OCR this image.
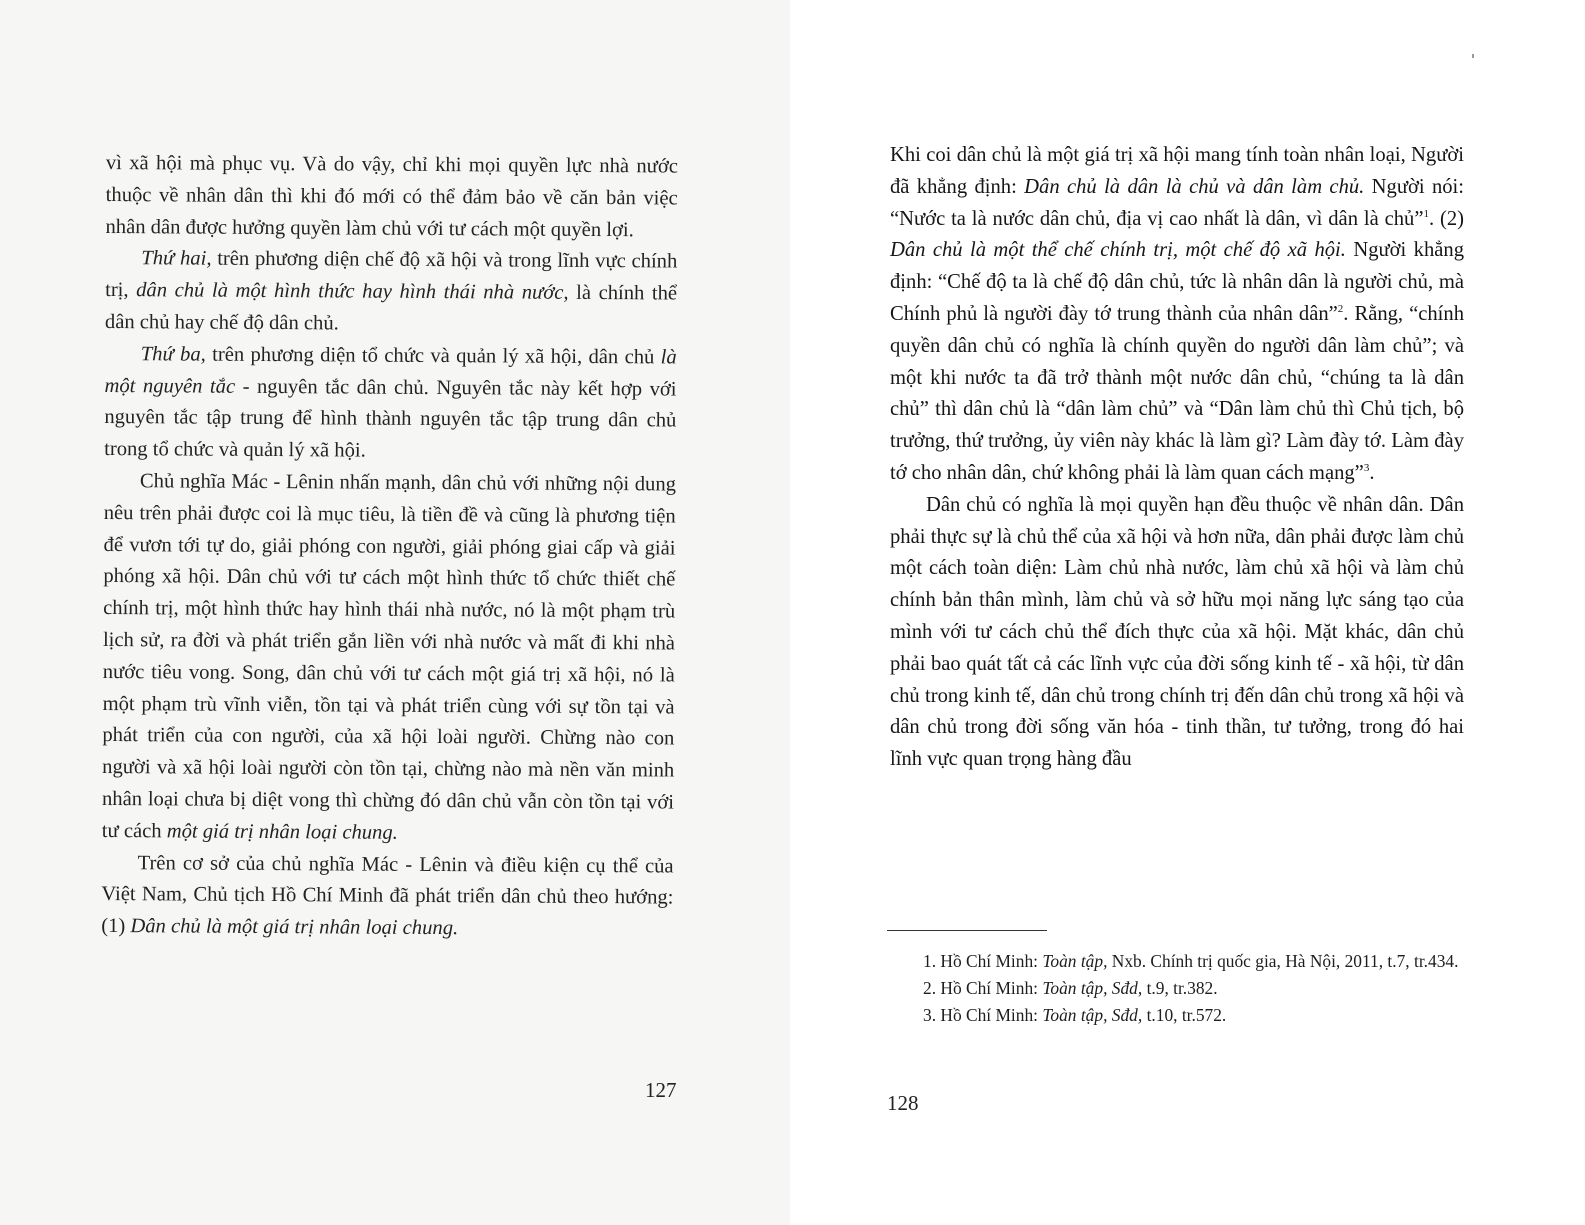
vì xã hội mà phục vụ. Và do vậy, chỉ khi mọi quyền lực nhà nước thuộc về nhân dân thì khi đó mới có thể đảm bảo về căn bản việc nhân dân được hưởng quyền làm chủ với tư cách một quyền lợi.

Thứ hai, trên phương diện chế độ xã hội và trong lĩnh vực chính trị, dân chủ là một hình thức hay hình thái nhà nước, là chính thể dân chủ hay chế độ dân chủ.

Thứ ba, trên phương diện tổ chức và quản lý xã hội, dân chủ là một nguyên tắc - nguyên tắc dân chủ. Nguyên tắc này kết hợp với nguyên tắc tập trung để hình thành nguyên tắc tập trung dân chủ trong tổ chức và quản lý xã hội.

Chủ nghĩa Mác - Lênin nhấn mạnh, dân chủ với những nội dung nêu trên phải được coi là mục tiêu, là tiền đề và cũng là phương tiện để vươn tới tự do, giải phóng con người, giải phóng giai cấp và giải phóng xã hội. Dân chủ với tư cách một hình thức tổ chức thiết chế chính trị, một hình thức hay hình thái nhà nước, nó là một phạm trù lịch sử, ra đời và phát triển gắn liền với nhà nước và mất đi khi nhà nước tiêu vong. Song, dân chủ với tư cách một giá trị xã hội, nó là một phạm trù vĩnh viễn, tồn tại và phát triển cùng với sự tồn tại và phát triển của con người, của xã hội loài người. Chừng nào con người và xã hội loài người còn tồn tại, chừng nào mà nền văn minh nhân loại chưa bị diệt vong thì chừng đó dân chủ vẫn còn tồn tại với tư cách một giá trị nhân loại chung.

Trên cơ sở của chủ nghĩa Mác - Lênin và điều kiện cụ thể của Việt Nam, Chủ tịch Hồ Chí Minh đã phát triển dân chủ theo hướng: (1) Dân chủ là một giá trị nhân loại chung.

127

Khi coi dân chủ là một giá trị xã hội mang tính toàn nhân loại, Người đã khẳng định: Dân chủ là dân là chủ và dân làm chủ. Người nói: “Nước ta là nước dân chủ, địa vị cao nhất là dân, vì dân là chủ”$^1$. (2) Dân chủ là một thể chế chính trị, một chế độ xã hội. Người khẳng định: “Chế độ ta là chế độ dân chủ, tức là nhân dân là người chủ, mà Chính phủ là người đày tớ trung thành của nhân dân”$^2$. Rằng, “chính quyền dân chủ có nghĩa là chính quyền do người dân làm chủ”; và một khi nước ta đã trở thành một nước dân chủ, “chúng ta là dân chủ” thì dân chủ là “dân làm chủ” và “Dân làm chủ thì Chủ tịch, bộ trưởng, thứ trưởng, ủy viên này khác là làm gì? Làm đày tớ. Làm đày tớ cho nhân dân, chứ không phải là làm quan cách mạng”$^3$.

Dân chủ có nghĩa là mọi quyền hạn đều thuộc về nhân dân. Dân phải thực sự là chủ thể của xã hội và hơn nữa, dân phải được làm chủ một cách toàn diện: Làm chủ nhà nước, làm chủ xã hội và làm chủ chính bản thân mình, làm chủ và sở hữu mọi năng lực sáng tạo của mình với tư cách chủ thể đích thực của xã hội. Mặt khác, dân chủ phải bao quát tất cả các lĩnh vực của đời sống kinh tế - xã hội, từ dân chủ trong kinh tế, dân chủ trong chính trị đến dân chủ trong xã hội và dân chủ trong đời sống văn hóa - tinh thần, tư tưởng, trong đó hai lĩnh vực quan trọng hàng đầu

1. Hồ Chí Minh: Toàn tập, Nxb. Chính trị quốc gia, Hà Nội, 2011, t.7, tr.434.

2. Hồ Chí Minh: Toàn tập, Sđd, t.9, tr.382.

3. Hồ Chí Minh: Toàn tập, Sđd, t.10, tr.572.

128
